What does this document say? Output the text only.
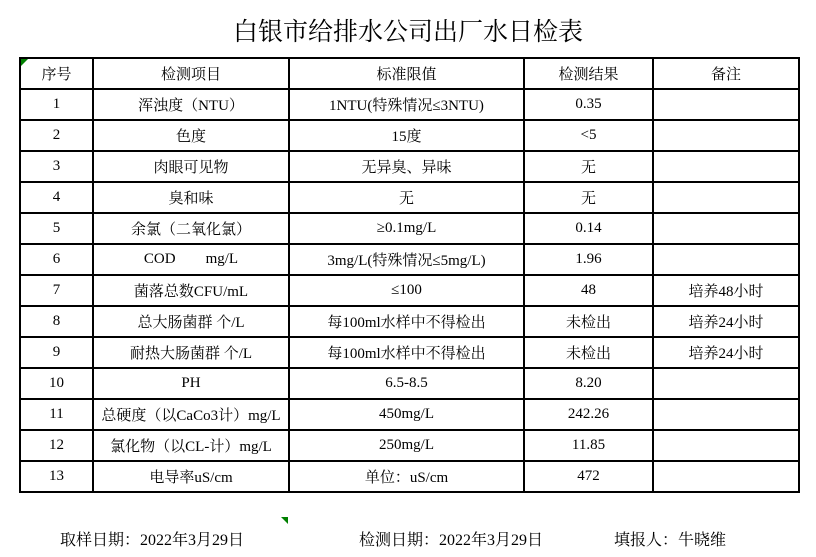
白银市给排水公司出厂水日检表
序号	检测项目	标准限值	检测结果	备注
1	浑浊度（NTU）	1NTU(特殊情况≤3NTU)	0.35	
2	色度	15度	<5	
3	肉眼可见物	无异臭、异味	无	
4	臭和味	无	无	
5	余氯（二氧化氯）	≥0.1mg/L	0.14	
6	COD        mg/L	3mg/L(特殊情况≤5mg/L)	1.96	
7	菌落总数CFU/mL	≤100	48	培养48小时
8	总大肠菌群 个/L	每100ml水样中不得检出	未检出	培养24小时
9	耐热大肠菌群 个/L	每100ml水样中不得检出	未检出	培养24小时
10	PH	6.5-8.5	8.20	
11	总硬度（以CaCo3计）mg/L	450mg/L	242.26	
12	氯化物（以CL-计）mg/L	250mg/L	11.85	
13	电导率uS/cm	单位：uS/cm	472	
取样日期：2022年3月29日	检测日期：2022年3月29日	填报人：牛晓维
